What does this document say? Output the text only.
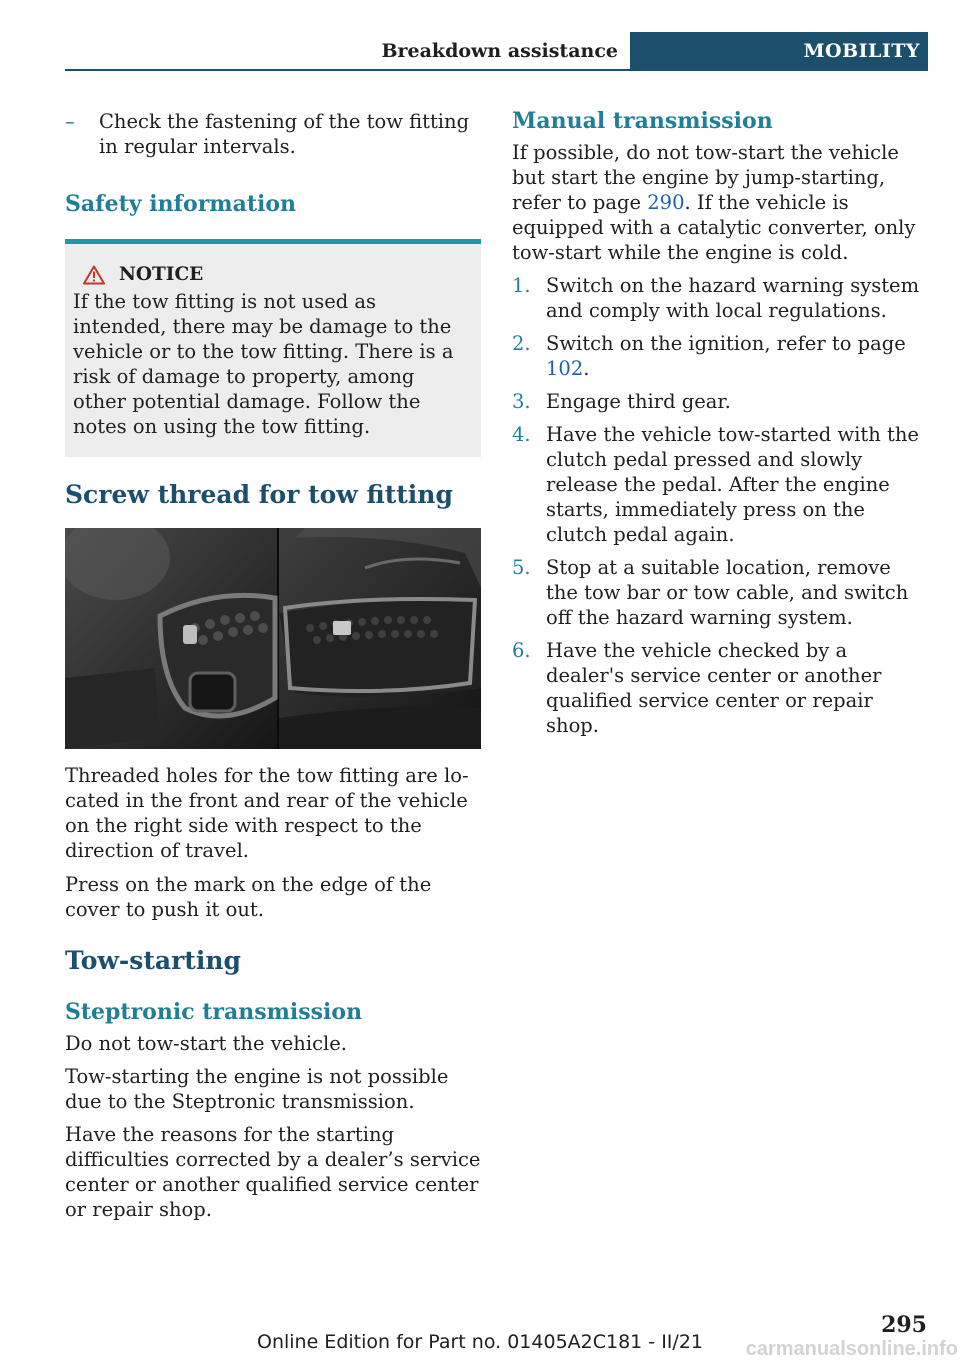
Breakdown assistance	MOBILITY
– Check the fastening of the tow fitting in regular intervals.
Safety information
NOTICE

If the tow fitting is not used as intended, there may be damage to the vehicle or to the tow fitting. There is a risk of damage to property, among other potential damage. Follow the notes on using the tow fitting.

Screw thread for tow fitting

Threaded holes for the tow fitting are located in the front and rear of the vehicle on the right side with respect to the direction of travel.

Press on the mark on the edge of the cover to push it out.

Tow-starting
Steptronic transmission

Do not tow-start the vehicle.

Tow-starting the engine is not possible due to the Steptronic transmission.

Have the reasons for the starting difficulties corrected by a dealer’s service center or another qualified service center or repair shop.

Manual transmission

If possible, do not tow-start the vehicle but start the engine by jump-starting, refer to page 290. If the vehicle is equipped with a catalytic converter, only tow-start while the engine is cold.

1. Switch on the hazard warning system and comply with local regulations.
2. Switch on the ignition, refer to page 102.
3. Engage third gear.
4. Have the vehicle tow-started with the clutch pedal pressed and slowly release the pedal. After the engine starts, immediately press on the clutch pedal again.
5. Stop at a suitable location, remove the tow bar or tow cable, and switch off the hazard warning system.
6. Have the vehicle checked by a dealer's service center or another qualified service center or repair shop.
295
Online Edition for Part no. 01405A2C181 - II/21	carmanualsonline.info
